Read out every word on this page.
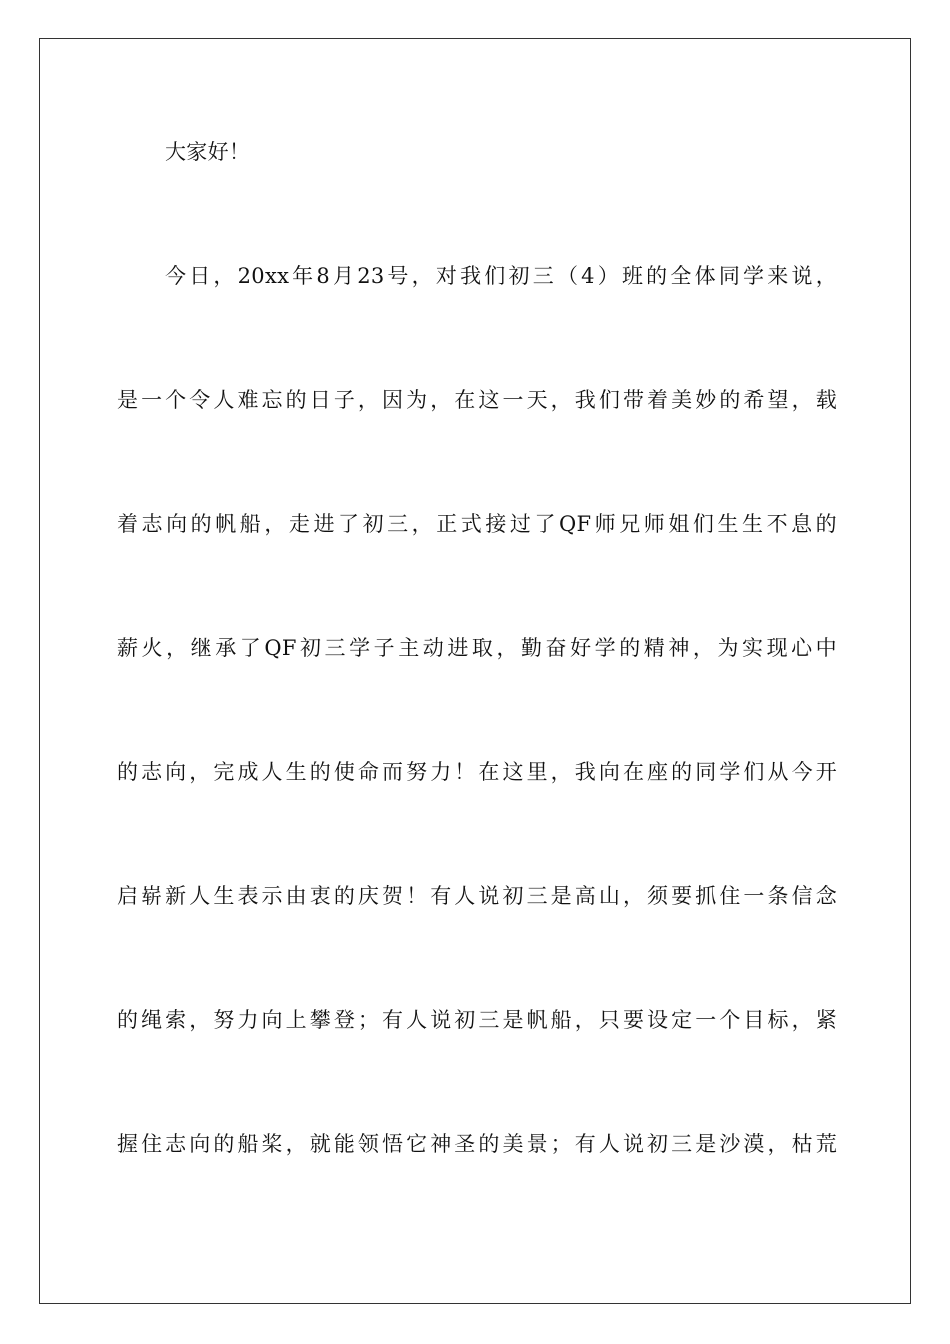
大家好！
今日，20xx年8月23号，对我们初三（4）班的全体同学来说，
是一个令人难忘的日子，因为，在这一天，我们带着美妙的希望，载
着志向的帆船，走进了初三，正式接过了QF师兄师姐们生生不息的
薪火，继承了QF初三学子主动进取，勤奋好学的精神，为实现心中
的志向，完成人生的使命而努力！在这里，我向在座的同学们从今开
启崭新人生表示由衷的庆贺！有人说初三是高山，须要抓住一条信念
的绳索，努力向上攀登；有人说初三是帆船，只要设定一个目标，紧
握住志向的船桨，就能领悟它神圣的美景；有人说初三是沙漠，枯荒
